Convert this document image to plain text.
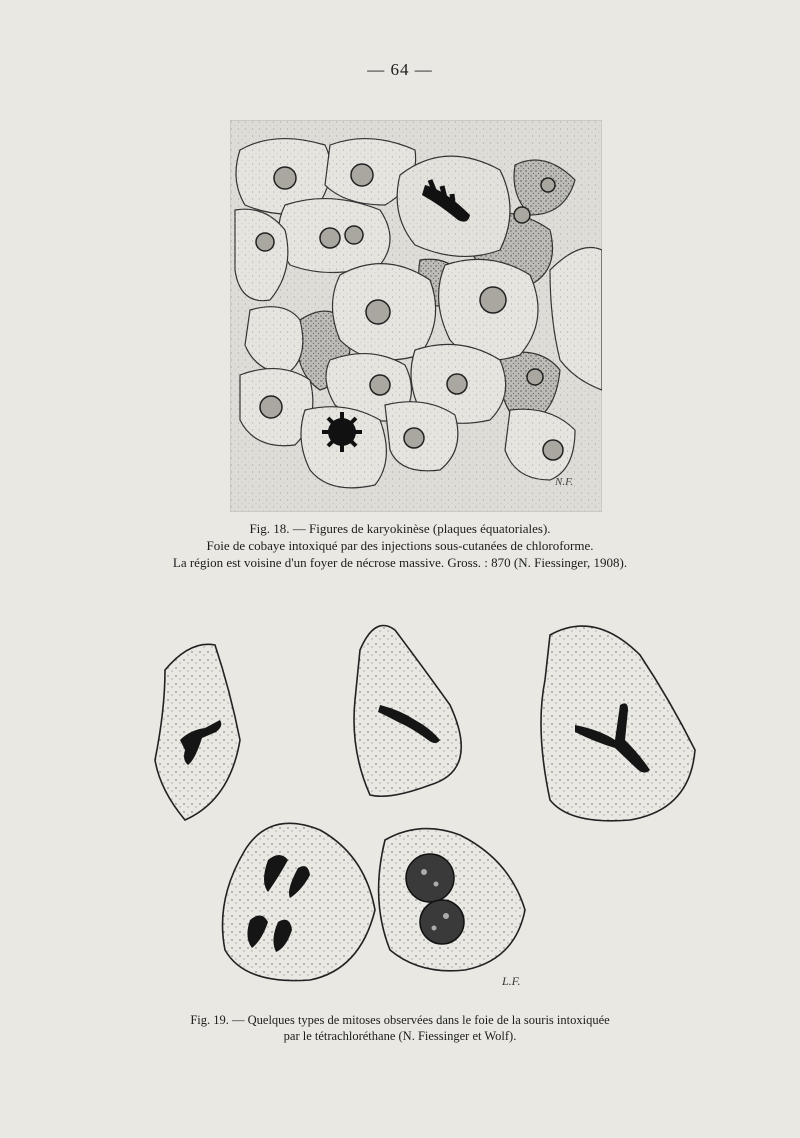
— 64 —
N.F.

Fig. 18. — Figures de karyokinèse (plaques équatoriales).

Foie de cobaye intoxiqué par des injections sous-cutanées de chloroforme.

La région est voisine d'un foyer de nécrose massive. Gross. : 870 (N. Fiessinger, 1908).

L.F.

Fig. 19. — Quelques types de mitoses observées dans le foie de la souris intoxiquée

par le tétrachloréthane (N. Fiessinger et Wolf).
